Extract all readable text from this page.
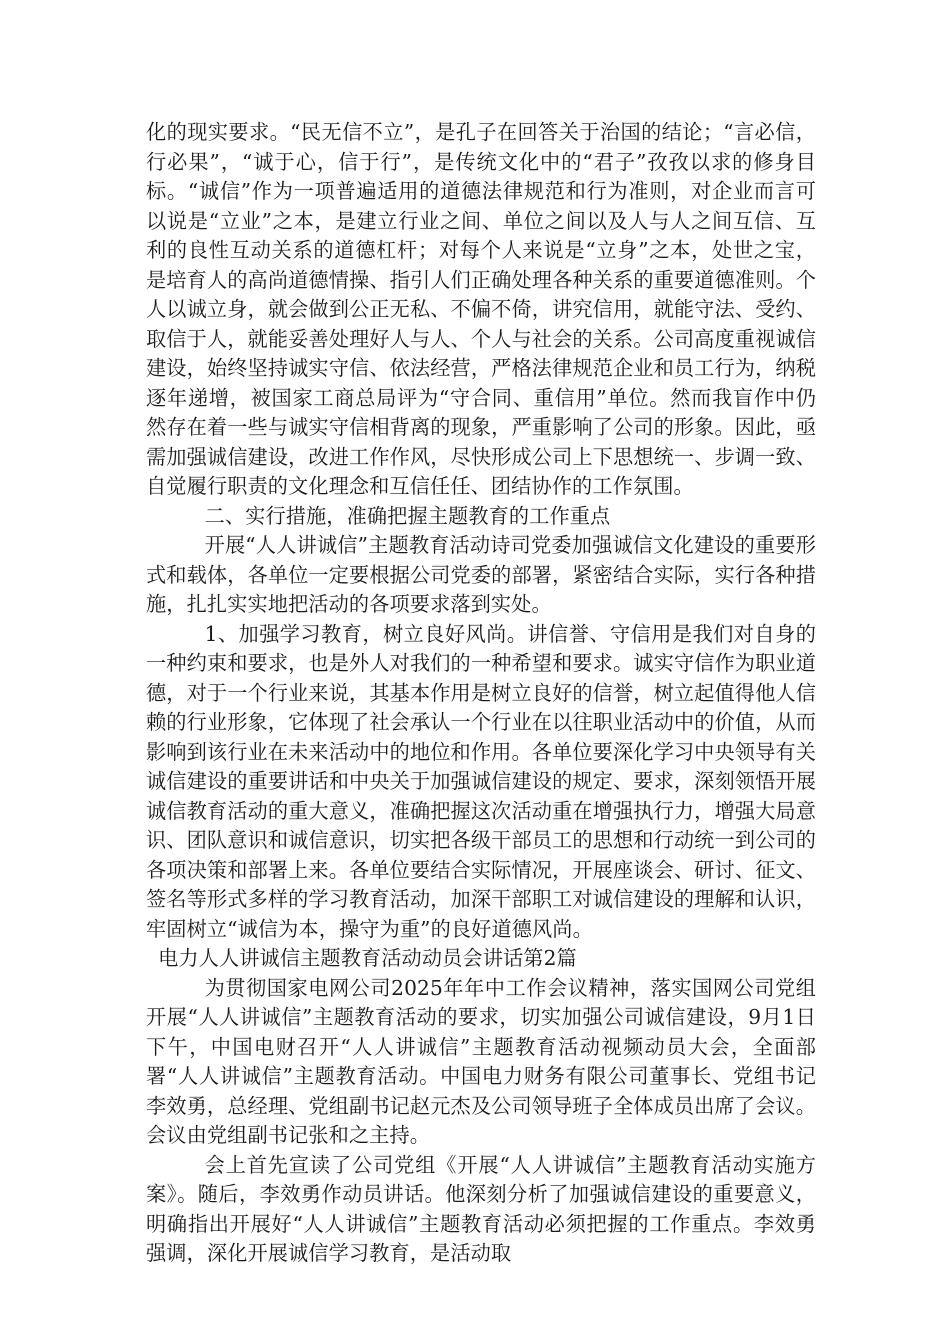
化的现实要求。“民无信不立”，是孔子在回答关于治国的结论；“言必信，行必果”，“诚于心，信于行”，是传统文化中的“君子”孜孜以求的修身目标。“诚信”作为一项普遍适用的道德法律规范和行为准则，对企业而言可以说是“立业”之本，是建立行业之间、单位之间以及人与人之间互信、互利的良性互动关系的道德杠杆；对每个人来说是“立身”之本，处世之宝，是培育人的高尚道德情操、指引人们正确处理各种关系的重要道德准则。个人以诚立身，就会做到公正无私、不偏不倚，讲究信用，就能守法、受约、取信于人，就能妥善处理好人与人、个人与社会的关系。公司高度重视诚信建设，始终坚持诚实守信、依法经营，严格法律规范企业和员工行为，纳税逐年递增，被国家工商总局评为“守合同、重信用”单位。然而我盲作中仍然存在着一些与诚实守信相背离的现象，严重影响了公司的形象。因此，亟需加强诚信建设，改进工作作风，尽快形成公司上下思想统一、步调一致、自觉履行职责的文化理念和互信任任、团结协作的工作氛围。

二、实行措施，准确把握主题教育的工作重点

开展“人人讲诚信”主题教育活动诗司党委加强诚信文化建设的重要形式和载体，各单位一定要根据公司党委的部署，紧密结合实际，实行各种措施，扎扎实实地把活动的各项要求落到实处。

1、加强学习教育，树立良好风尚。讲信誉、守信用是我们对自身的一种约束和要求，也是外人对我们的一种希望和要求。诚实守信作为职业道德，对于一个行业来说，其基本作用是树立良好的信誉，树立起值得他人信赖的行业形象，它体现了社会承认一个行业在以往职业活动中的价值，从而影响到该行业在未来活动中的地位和作用。各单位要深化学习中央领导有关诚信建设的重要讲话和中央关于加强诚信建设的规定、要求，深刻领悟开展诚信教育活动的重大意义，准确把握这次活动重在增强执行力，增强大局意识、团队意识和诚信意识，切实把各级干部员工的思想和行动统一到公司的各项决策和部署上来。各单位要结合实际情况，开展座谈会、研讨、征文、签名等形式多样的学习教育活动，加深干部职工对诚信建设的理解和认识，牢固树立“诚信为本，操守为重”的良好道德风尚。

电力人人讲诚信主题教育活动动员会讲话第2篇

为贯彻国家电网公司2025年年中工作会议精神，落实国网公司党组开展“人人讲诚信”主题教育活动的要求，切实加强公司诚信建设，9月1日下午，中国电财召开“人人讲诚信”主题教育活动视频动员大会，全面部署“人人讲诚信”主题教育活动。中国电力财务有限公司董事长、党组书记李效勇，总经理、党组副书记赵元杰及公司领导班子全体成员出席了会议。会议由党组副书记张和之主持。

会上首先宣读了公司党组《开展“人人讲诚信”主题教育活动实施方案》。随后，李效勇作动员讲话。他深刻分析了加强诚信建设的重要意义，明确指出开展好“人人讲诚信”主题教育活动必须把握的工作重点。李效勇强调，深化开展诚信学习教育，是活动取
